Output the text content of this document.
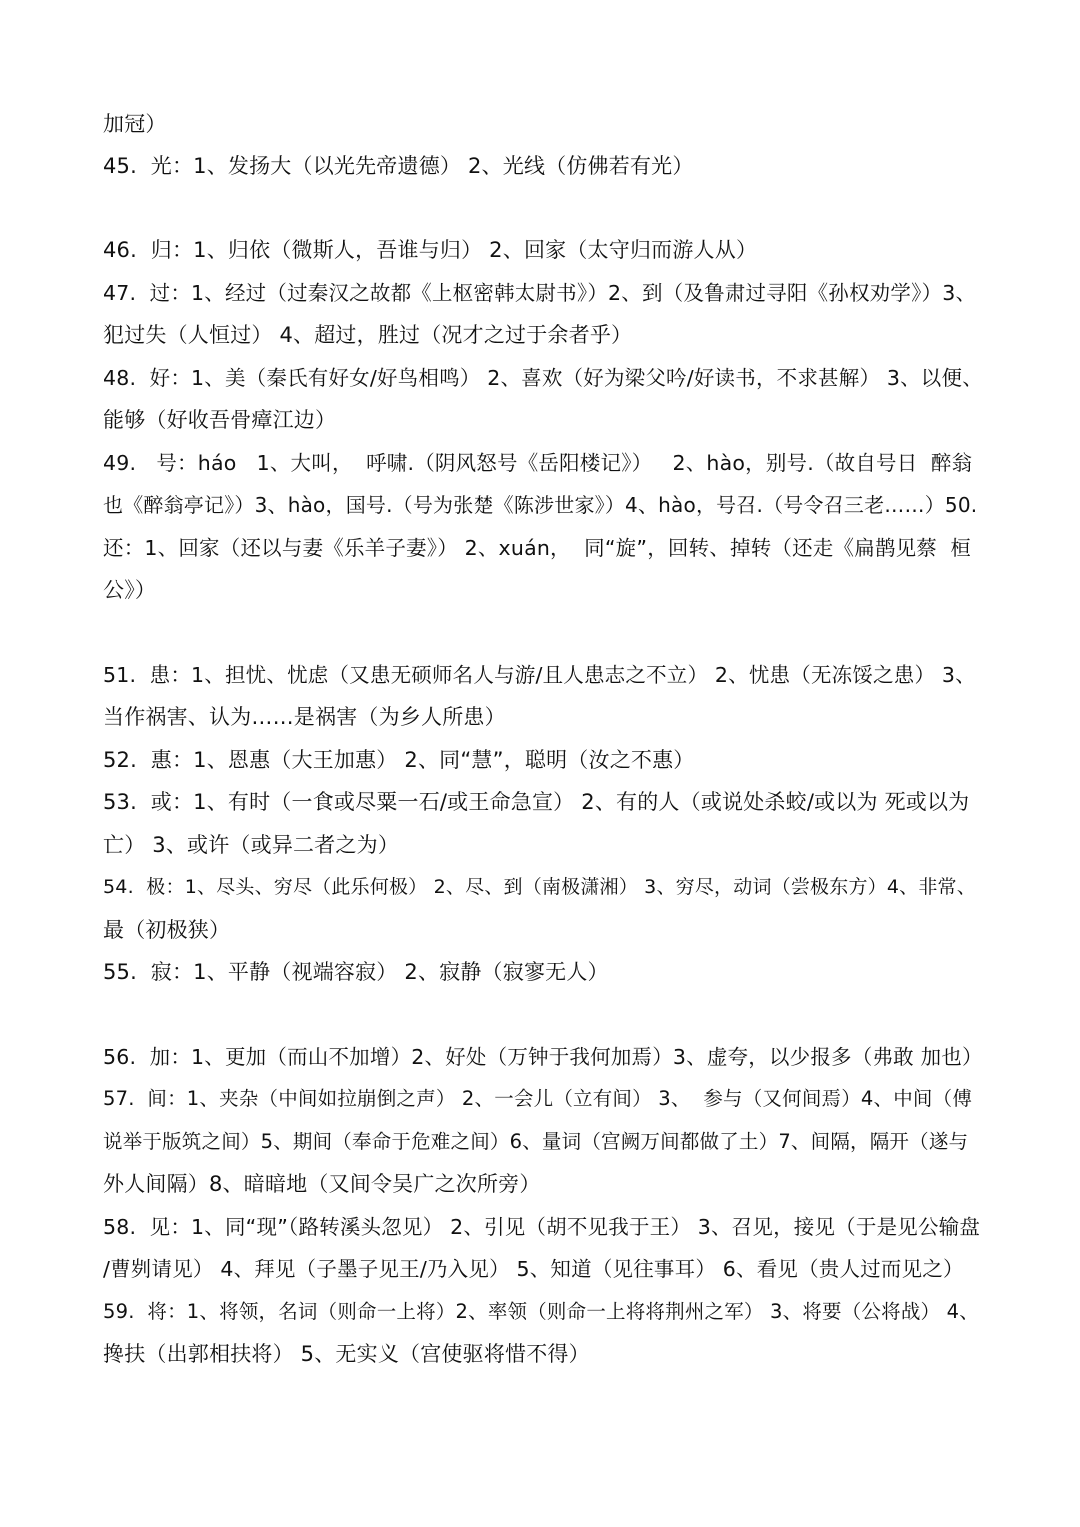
加冠）
45.  光：1、发扬大（以光先帝遗德） 2、光线（仿佛若有光）
46.  归：1、归依（微斯人，吾谁与归） 2、回家（太守归而游人从）
47.  过：1、经过（过秦汉之故都《上枢密韩太尉书》）2、到（及鲁肃过寻阳《孙权劝学》）3、
犯过失（人恒过） 4、超过，胜过（况才之过于余者乎）
48.  好：1、美（秦氏有好女/好鸟相鸣） 2、喜欢（好为梁父吟/好读书，不求甚解） 3、以便、
能够（好收吾骨瘴江边）
49.   号：háo   1、大叫，  呼啸.（阴风怒号《岳阳楼记》）   2、hào，别号.（故自号日  醉翁
也《醉翁亭记》）3、hào，国号.（号为张楚《陈涉世家》）4、hào，号召.（号令召三老……）50.
还：1、回家（还以与妻《乐羊子妻》） 2、xuán，  同“旋”，回转、掉转（还走《扁鹊见蔡  桓
公》）
51.  患：1、担忧、忧虑（又患无硕师名人与游/且人患志之不立） 2、忧患（无冻馁之患） 3、
当作祸害、认为……是祸害（为乡人所患）
52.  惠：1、恩惠（大王加惠） 2、同“慧”，聪明（汝之不惠）
53.  或：1、有时（一食或尽粟一石/或王命急宣） 2、有的人（或说处杀蛟/或以为 死或以为
亡） 3、或许（或异二者之为）
54.  极：1、尽头、穷尽（此乐何极） 2、尽、到（南极潇湘） 3、穷尽，动词（尝极东方）4、非常、
最（初极狭）
55.  寂：1、平静（视端容寂） 2、寂静（寂寥无人）
56.  加：1、更加（而山不加增）2、好处（万钟于我何加焉）3、虚夸，以少报多（弗敢 加也）
57.  间：1、夹杂（中间如拉崩倒之声） 2、一会儿（立有间） 3、  参与（又何间焉）4、中间（傅
说举于版筑之间）5、期间（奉命于危难之间）6、量词（宫阙万间都做了土）7、间隔，隔开（遂与
外人间隔）8、暗暗地（又间令吴广之次所旁）
58.  见：1、同“现”（路转溪头忽见） 2、引见（胡不见我于王） 3、召见，接见（于是见公输盘
/曹刿请见） 4、拜见（子墨子见王/乃入见） 5、知道（见往事耳） 6、看见（贵人过而见之）
59.  将：1、将领，名词（则命一上将）2、率领（则命一上将将荆州之军） 3、将要（公将战） 4、
搀扶（出郭相扶将） 5、无实义（宫使驱将惜不得）
